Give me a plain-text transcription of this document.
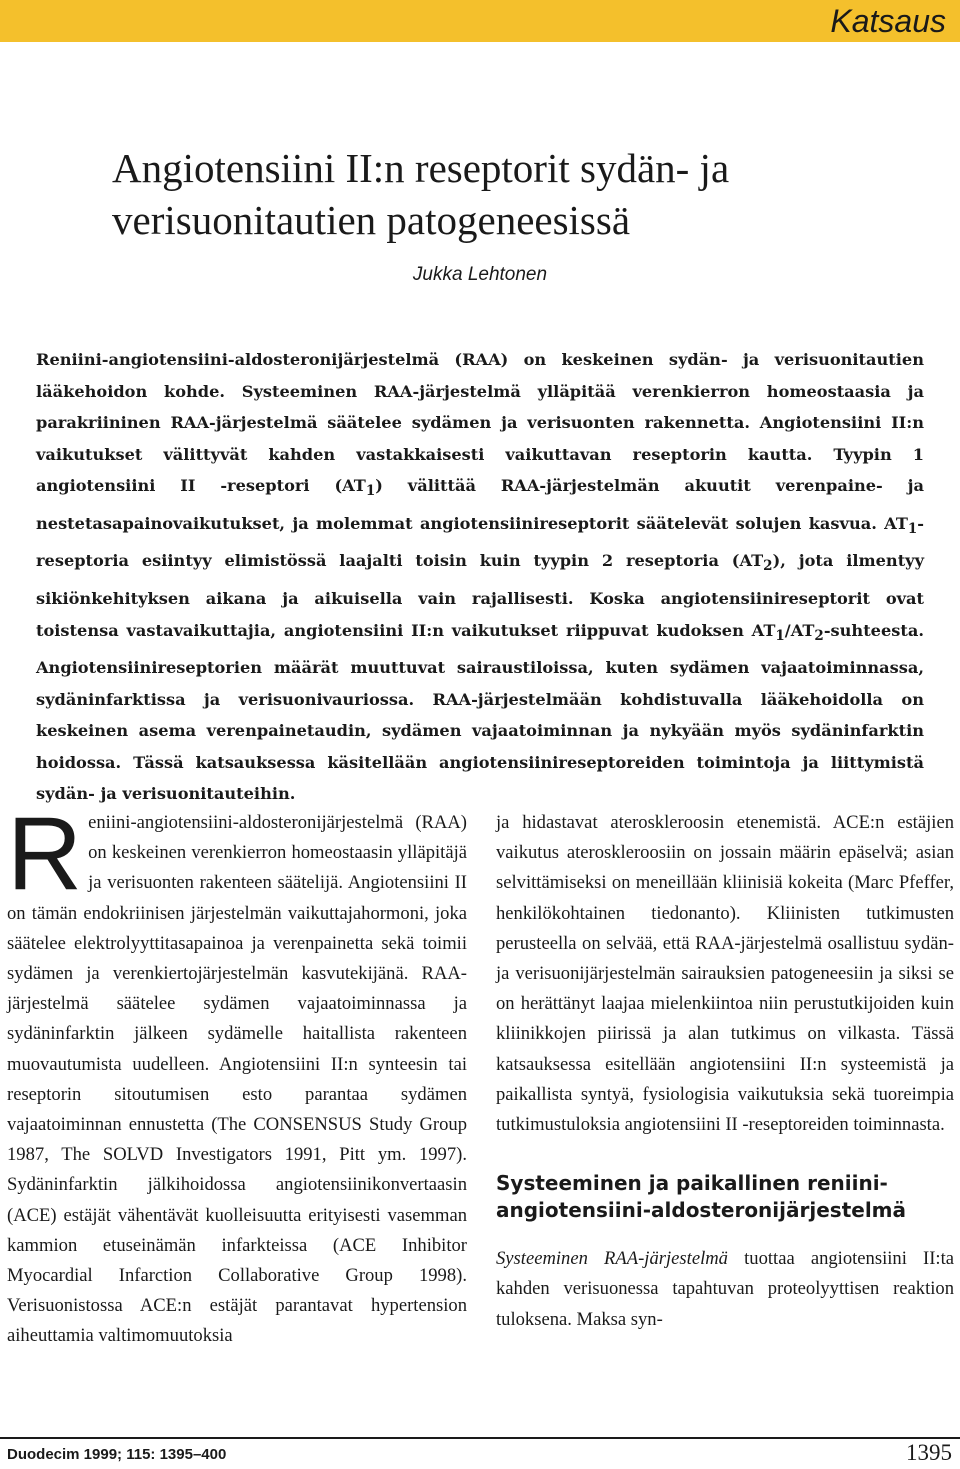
Katsaus
Angiotensiini II:n reseptorit sydän- ja verisuonitautien patogeneesissä
Jukka Lehtonen
Reniini-angiotensiini-aldosteronijärjestelmä (RAA) on keskeinen sydän- ja verisuonitautien lääkehoidon kohde. Systeeminen RAA-järjestelmä ylläpitää verenkierron homeostaasia ja parakriininen RAA-järjestelmä säätelee sydämen ja verisuonten rakennetta. Angiotensiini II:n vaikutukset välittyvät kahden vastakkaisesti vaikuttavan reseptorin kautta. Tyypin 1 angiotensiini II -reseptori $(AT_1)$ välittää RAA-järjestelmän akuutit verenpaine- ja nestetasapainovaikutukset, ja molemmat angiotensiinireseptorit säätelevät solujen kasvua. $AT_1$-reseptoria esiintyy elimistössä laajalti toisin kuin tyypin 2 reseptoria $(AT_2)$, jota ilmentyy sikiönkehityksen aikana ja aikuisella vain rajallisesti. Koska angiotensiinireseptorit ovat toistensa vastavaikuttajia, angiotensiini II:n vaikutukset riippuvat kudoksen $AT_1/AT_2$-suhteesta. Angiotensiinireseptorien määrät muuttuvat sairaustiloissa, kuten sydämen vajaatoiminnassa, sydäninfarktissa ja verisuonivauriossa. RAA-järjestelmään kohdistuvalla lääkehoidolla on keskeinen asema verenpainetaudin, sydämen vajaatoiminnan ja nykyään myös sydäninfarktin hoidossa. Tässä katsauksessa käsitellään angiotensiinireseptoreiden toimintoja ja liittymistä sydän- ja verisuonitauteihin.

Reniini-angiotensiini-aldosteronijärjestelmä (RAA) on keskeinen verenkierron homeostaasin ylläpitäjä ja verisuonten rakenteen säätelijä. Angiotensiini II on tämän endokriinisen järjestelmän vaikuttajahormoni, joka säätelee elektrolyyttitasapainoa ja verenpainetta sekä toimii sydämen ja verenkiertojärjestelmän kasvutekijänä. RAA-järjestelmä säätelee sydämen vajaatoiminnassa ja sydäninfarktin jälkeen sydämelle haitallista rakenteen muovautumista uudelleen. Angiotensiini II:n synteesin tai reseptorin sitoutumisen esto parantaa sydämen vajaatoiminnan ennustetta (The CONSENSUS Study Group 1987, The SOLVD Investigators 1991, Pitt ym. 1997). Sydäninfarktin jälkihoidossa angiotensiinikonvertaasin (ACE) estäjät vähentävät kuolleisuutta erityisesti vasemman kammion etuseinämän infarkteissa (ACE Inhibitor Myocardial Infarction Collaborative Group 1998). Verisuonistossa ACE:n estäjät parantavat hypertension aiheuttamia valtimomuutoksia

ja hidastavat ateroskleroosin etenemistä. ACE:n estäjien vaikutus ateroskleroosiin on jossain määrin epäselvä; asian selvittämiseksi on meneillään kliinisiä kokeita (Marc Pfeffer, henkilökohtainen tiedonanto). Kliinisten tutkimusten perusteella on selvää, että RAA-järjestelmä osallistuu sydän- ja verisuonijärjestelmän sairauksien patogeneesiin ja siksi se on herättänyt laajaa mielenkiintoa niin perustutkijoiden kuin kliinikkojen piirissä ja alan tutkimus on vilkasta. Tässä katsauksessa esitellään angiotensiini II:n systeemistä ja paikallista syntyä, fysiologisia vaikutuksia sekä tuoreimpia tutkimustuloksia angiotensiini II -reseptoreiden toiminnasta.

Systeeminen ja paikallinen reniini-angiotensiini-aldosteronijärjestelmä

Systeeminen RAA-järjestelmä tuottaa angiotensiini II:ta kahden verisuonessa tapahtuvan proteolyyttisen reaktion tuloksena. Maksa syn-

Duodecim 1999; 115: 1395–400	1395
